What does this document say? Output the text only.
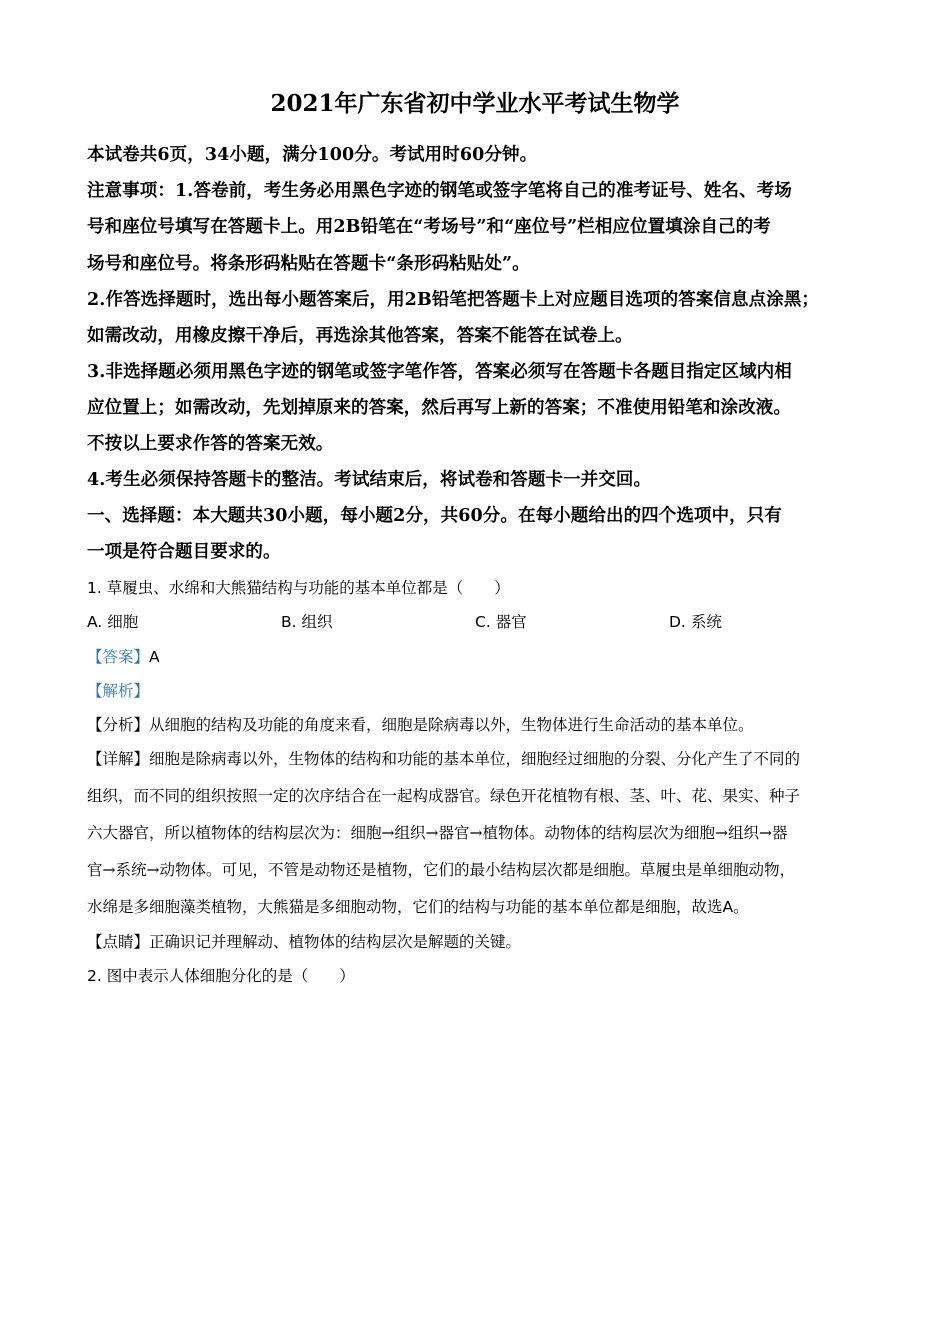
2021年广东省初中学业水平考试生物学
本试卷共6页，34小题，满分100分。考试用时60分钟。
注意事项：1.答卷前，考生务必用黑色字迹的钢笔或签字笔将自己的准考证号、姓名、考场
号和座位号填写在答题卡上。用2B铅笔在“考场号”和“座位号”栏相应位置填涂自己的考
场号和座位号。将条形码粘贴在答题卡“条形码粘贴处”。
2.作答选择题时，选出每小题答案后，用2B铅笔把答题卡上对应题目选项的答案信息点涂黑；
如需改动，用橡皮擦干净后，再选涂其他答案，答案不能答在试卷上。
3.非选择题必须用黑色字迹的钢笔或签字笔作答，答案必须写在答题卡各题目指定区域内相
应位置上；如需改动，先划掉原来的答案，然后再写上新的答案；不准使用铅笔和涂改液。
不按以上要求作答的答案无效。
4.考生必须保持答题卡的整洁。考试结束后，将试卷和答题卡一并交回。
一、选择题：本大题共30小题，每小题2分，共60分。在每小题给出的四个选项中，只有
一项是符合题目要求的。
1. 草履虫、水绵和大熊猫结构与功能的基本单位都是（　　）
A. 细胞	B. 组织	C. 器官	D. 系统
【答案】A
【解析】
【分析】从细胞的结构及功能的角度来看，细胞是除病毒以外，生物体进行生命活动的基本单位。
【详解】细胞是除病毒以外，生物体的结构和功能的基本单位，细胞经过细胞的分裂、分化产生了不同的
组织，而不同的组织按照一定的次序结合在一起构成器官。绿色开花植物有根、茎、叶、花、果实、种子
六大器官，所以植物体的结构层次为：细胞→组织→器官→植物体。动物体的结构层次为细胞→组织→器
官→系统→动物体。可见，不管是动物还是植物，它们的最小结构层次都是细胞。草履虫是单细胞动物，
水绵是多细胞藻类植物，大熊猫是多细胞动物，它们的结构与功能的基本单位都是细胞，故选A。
【点睛】正确识记并理解动、植物体的结构层次是解题的关键。
2. 图中表示人体细胞分化的是（　　）
